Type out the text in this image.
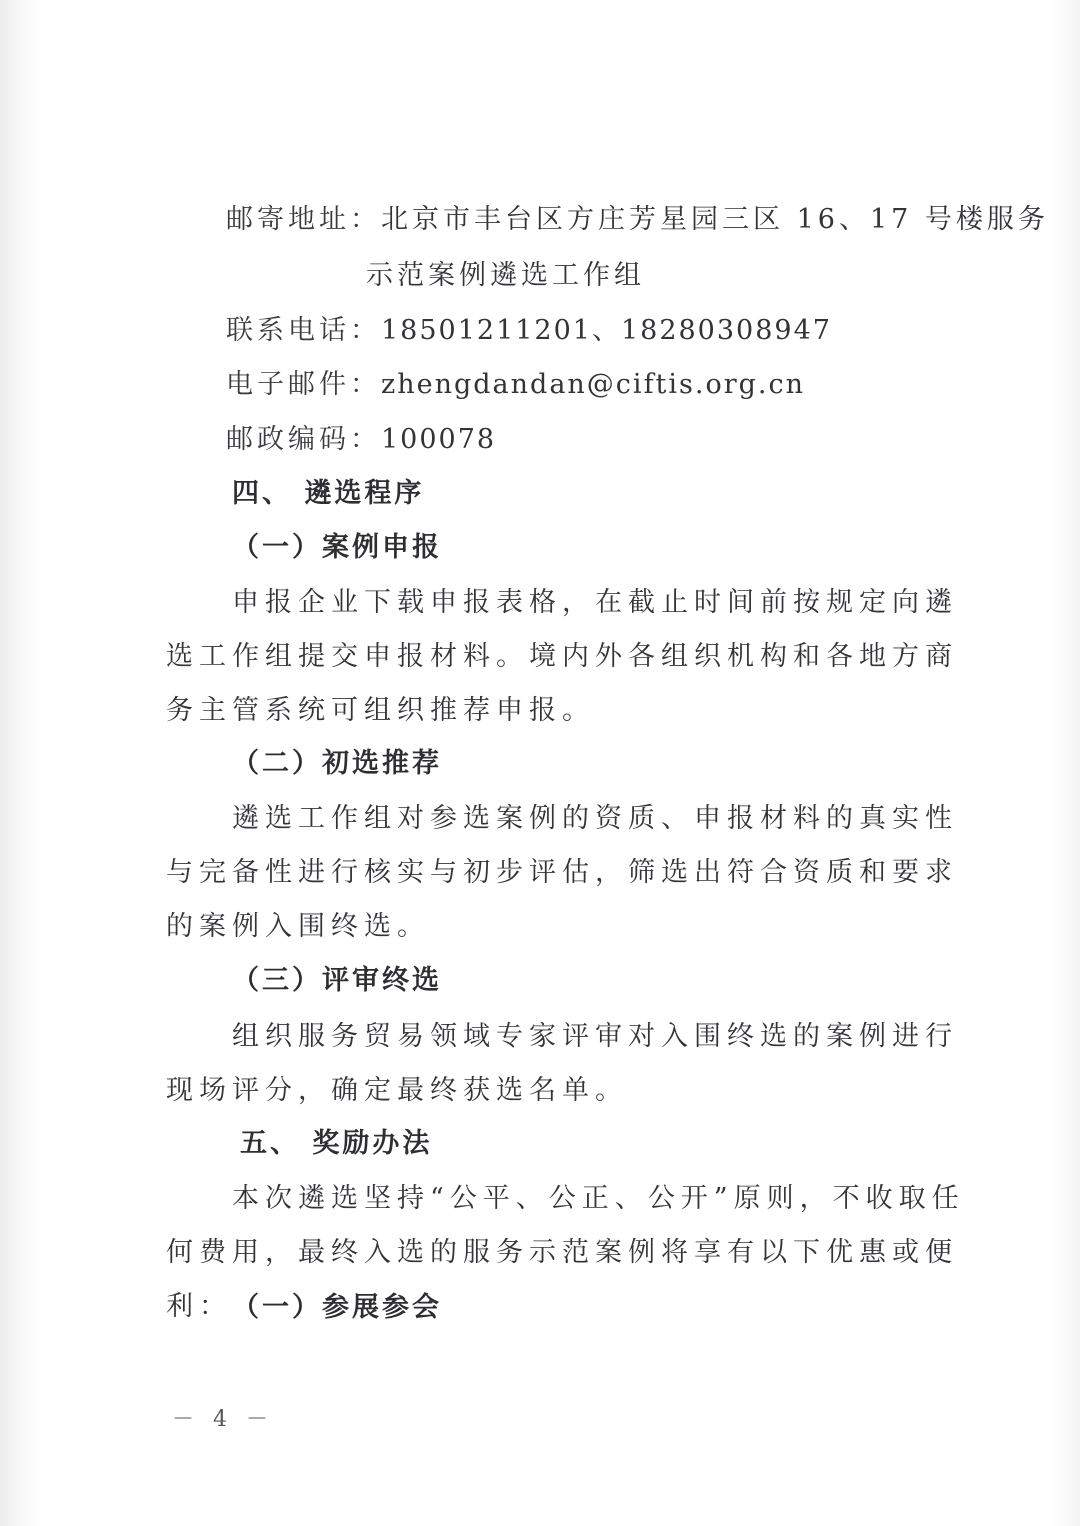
邮寄地址：北京市丰台区方庄芳星园三区 16、17 号楼服务
示范案例遴选工作组
联系电话：18501211201、18280308947
电子邮件：zhengdandan@ciftis.org.cn
邮政编码：100078
四、 遴选程序
（一）案例申报
申报企业下载申报表格，在截止时间前按规定向遴选工作组提交申报材料。境内外各组织机构和各地方商务主管系统可组织推荐申报。
（二）初选推荐
遴选工作组对参选案例的资质、申报材料的真实性与完备性进行核实与初步评估，筛选出符合资质和要求的案例入围终选。
（三）评审终选
组织服务贸易领域专家评审对入围终选的案例进行现场评分，确定最终获选名单。
五、 奖励办法
本次遴选坚持“公平、公正、公开”原则，不收取任何费用，最终入选的服务示范案例将享有以下优惠或便利： （一）参展参会
－ 4 －
